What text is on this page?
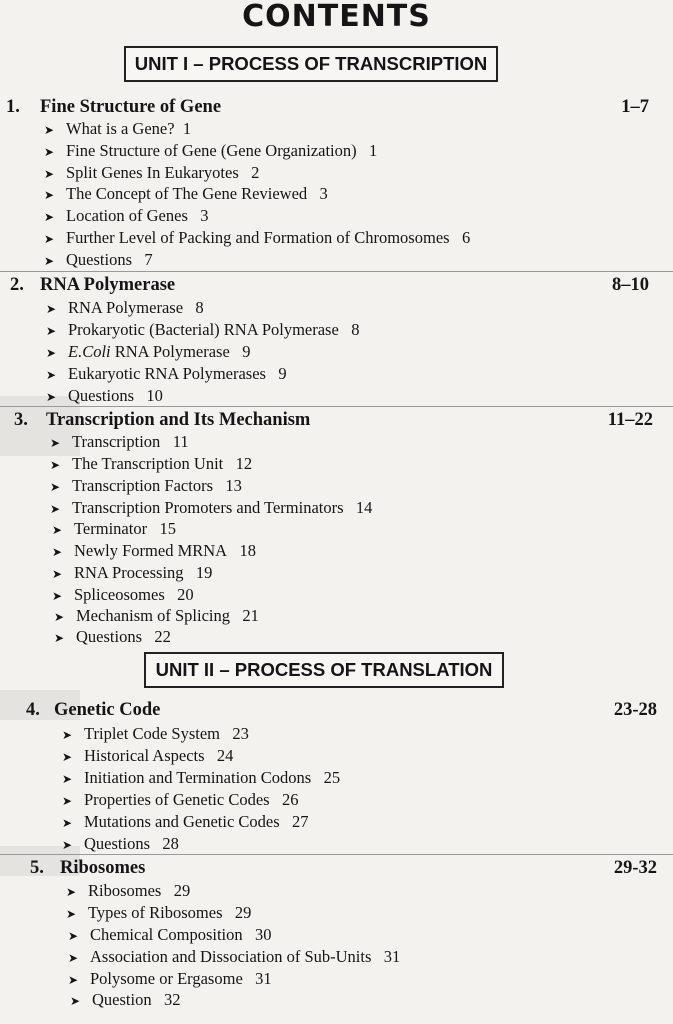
CONTENTS
UNIT I – PROCESS OF TRANSCRIPTION
1. Fine Structure of Gene	1–7
➤ What is a Gene? 1
➤ Fine Structure of Gene (Gene Organization) 1
➤ Split Genes In Eukaryotes 2
➤ The Concept of The Gene Reviewed 3
➤ Location of Genes 3
➤ Further Level of Packing and Formation of Chromosomes 6
➤ Questions 7
2. RNA Polymerase	8–10
➤ RNA Polymerase 8
➤ Prokaryotic (Bacterial) RNA Polymerase 8
➤ E.Coli RNA Polymerase 9
➤ Eukaryotic RNA Polymerases 9
➤ Questions 10
3. Transcription and Its Mechanism	11–22
➤ Transcription 11
➤ The Transcription Unit 12
➤ Transcription Factors 13
➤ Transcription Promoters and Terminators 14
➤ Terminator 15
➤ Newly Formed MRNA 18
➤ RNA Processing 19
➤ Spliceosomes 20
➤ Mechanism of Splicing 21
➤ Questions 22
UNIT II – PROCESS OF TRANSLATION
4. Genetic Code	23-28
➤ Triplet Code System 23
➤ Historical Aspects 24
➤ Initiation and Termination Codons 25
➤ Properties of Genetic Codes 26
➤ Mutations and Genetic Codes 27
➤ Questions 28
5. Ribosomes	29-32
➤ Ribosomes 29
➤ Types of Ribosomes 29
➤ Chemical Composition 30
➤ Association and Dissociation of Sub-Units 31
➤ Polysome or Ergasome 31
➤ Question 32
